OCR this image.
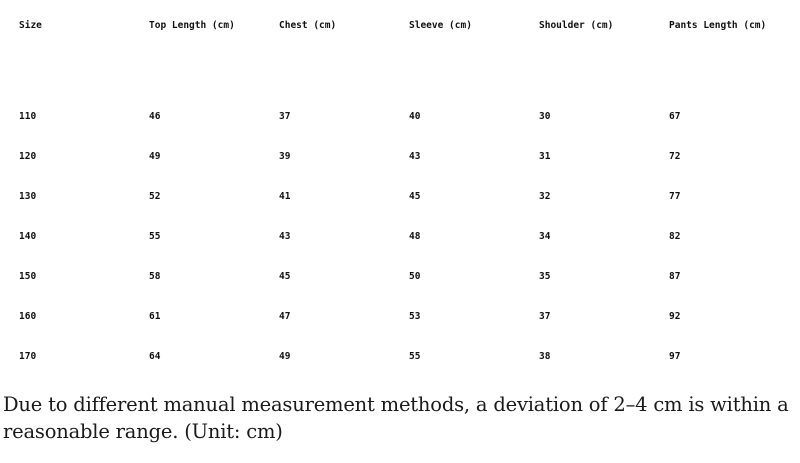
Size	Top Length (cm)	Chest (cm)	Sleeve (cm)	Shoulder (cm)	Pants Length (cm)

110	46	37	40	30	67
120	49	39	43	31	72
130	52	41	45	32	77
140	55	43	48	34	82
150	58	45	50	35	87
160	61	47	53	37	92
170	64	49	55	38	97

Due to different manual measurement methods, a deviation of 2–4 cm is within a reasonable range. (Unit: cm)
